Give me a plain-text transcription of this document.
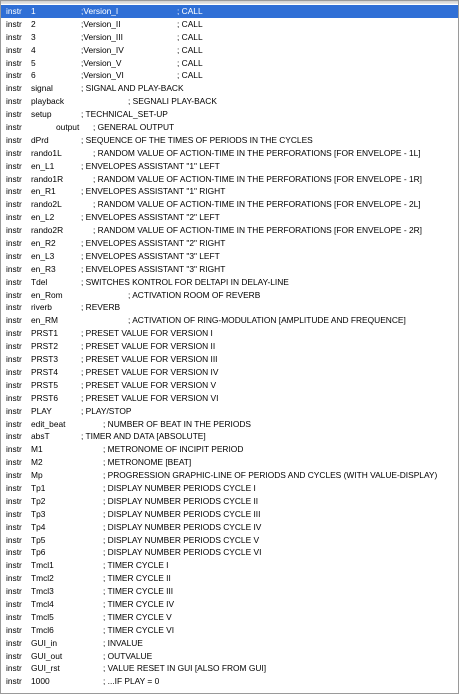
instr 1	;Version_I	; CALL
instr 2	;Version_II	; CALL
instr 3	;Version_III	; CALL
instr 4	;Version_IV	; CALL
instr 5	;Version_V	; CALL
instr 6	;Version_VI	; CALL
instr signal	; SIGNAL AND PLAY-BACK
instr playback	; SEGNALI PLAY-BACK
instr setup	; TECHNICAL_SET-UP
instr	output ; GENERAL OUTPUT
instr dPrd	; SEQUENCE OF THE TIMES OF PERIODS IN THE CYCLES
instr rando1L	; RANDOM VALUE OF ACTION-TIME IN THE PERFORATIONS [FOR ENVELOPE - 1L]
instr en_L1	; ENVELOPES ASSISTANT "1" LEFT
instr rando1R	; RANDOM VALUE OF ACTION-TIME IN THE PERFORATIONS [FOR ENVELOPE - 1R]
instr en_R1	; ENVELOPES ASSISTANT "1" RIGHT
instr rando2L	; RANDOM VALUE OF ACTION-TIME IN THE PERFORATIONS [FOR ENVELOPE - 2L]
instr en_L2	; ENVELOPES ASSISTANT "2" LEFT
instr rando2R	; RANDOM VALUE OF ACTION-TIME IN THE PERFORATIONS [FOR ENVELOPE - 2R]
instr en_R2	; ENVELOPES ASSISTANT "2" RIGHT
instr en_L3	; ENVELOPES ASSISTANT "3" LEFT
instr en_R3	; ENVELOPES ASSISTANT "3" RIGHT
instr Tdel	; SWITCHES KONTROL FOR DELTAPI IN DELAY-LINE
instr en_Rom	; ACTIVATION ROOM OF REVERB
instr riverb	; REVERB
instr en_RM	; ACTIVATION OF RING-MODULATION [AMPLITUDE AND FREQUENCE]
instr PRST1	; PRESET VALUE FOR VERSION I
instr PRST2	; PRESET VALUE FOR VERSION II
instr PRST3	; PRESET VALUE FOR VERSION III
instr PRST4	; PRESET VALUE FOR VERSION IV
instr PRST5	; PRESET VALUE FOR VERSION V
instr PRST6	; PRESET VALUE FOR VERSION VI
instr PLAY	; PLAY/STOP
instr edit_beat	; NUMBER OF BEAT IN THE PERIODS
instr absT	; TIMER AND DATA [ABSOLUTE]
instr M1	; METRONOME OF INCIPIT PERIOD
instr M2	; METRONOME [BEAT]
instr Mp	; PROGRESSION GRAPHIC-LINE OF PERIODS AND CYCLES (WITH VALUE-DISPLAY)
instr Tp1	; DISPLAY NUMBER PERIODS CYCLE I
instr Tp2	; DISPLAY NUMBER PERIODS CYCLE II
instr Tp3	; DISPLAY NUMBER PERIODS CYCLE III
instr Tp4	; DISPLAY NUMBER PERIODS CYCLE IV
instr Tp5	; DISPLAY NUMBER PERIODS CYCLE V
instr Tp6	; DISPLAY NUMBER PERIODS CYCLE VI
instr Tmcl1	; TIMER CYCLE I
instr Tmcl2	; TIMER CYCLE II
instr Tmcl3	; TIMER CYCLE III
instr Tmcl4	; TIMER CYCLE IV
instr Tmcl5	; TIMER CYCLE V
instr Tmcl6	; TIMER CYCLE VI
instr GUI_in	; INVALUE
instr GUI_out	; OUTVALUE
instr GUI_rst	; VALUE RESET IN GUI [ALSO FROM GUI]
instr 1000	; ...IF PLAY = 0
